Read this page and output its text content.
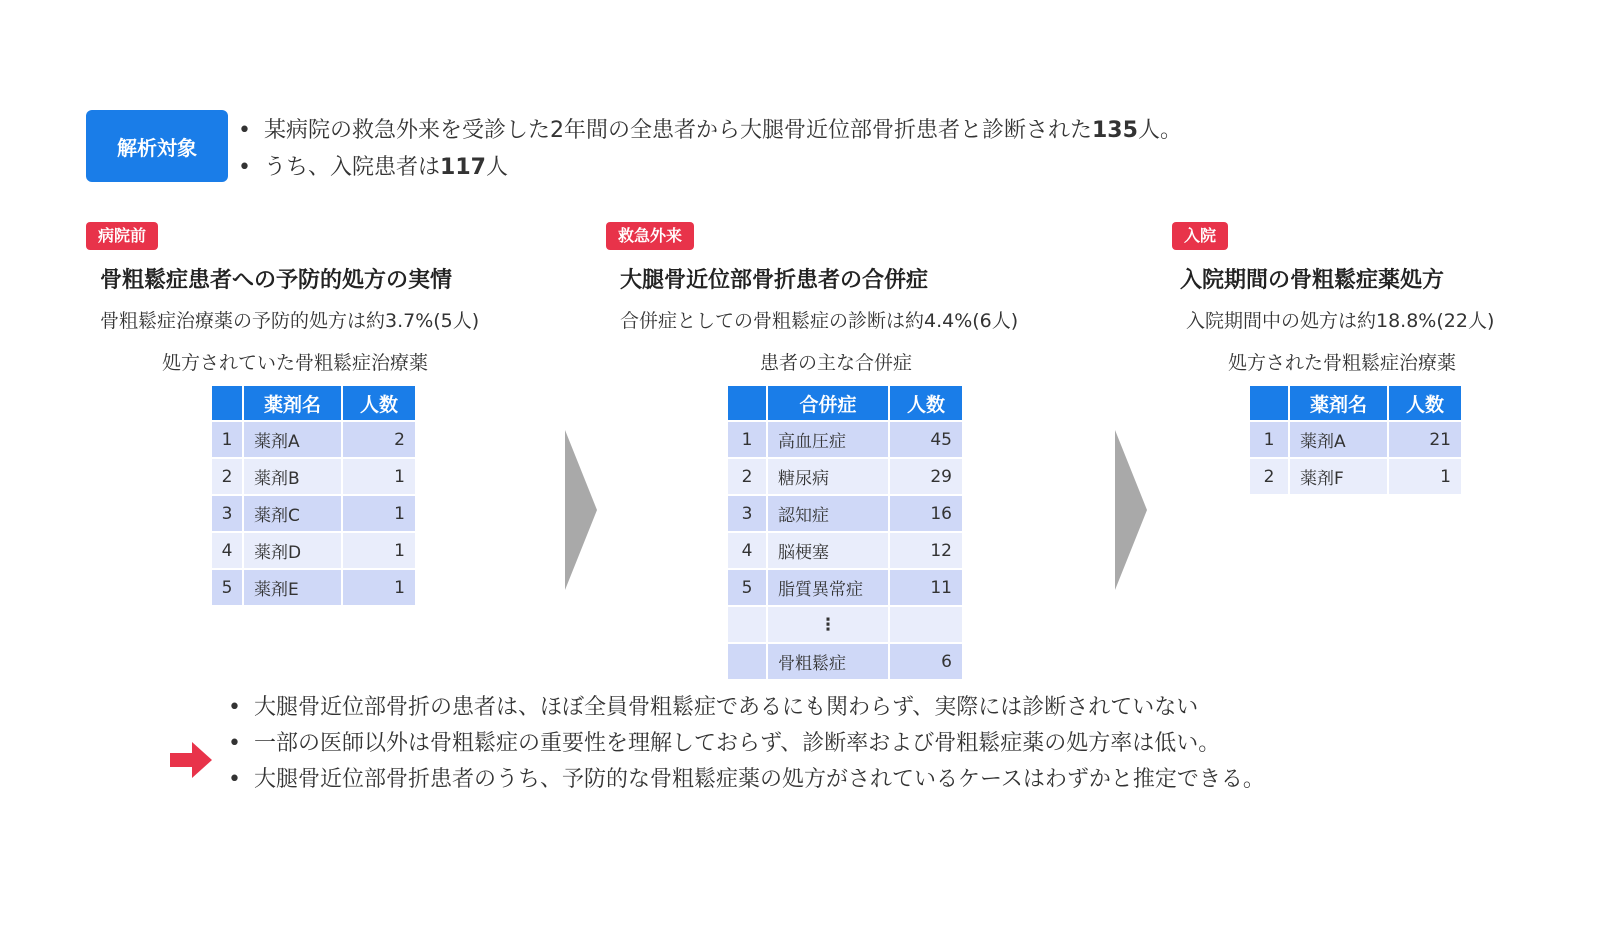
解析対象
• 某病院の救急外来を受診した2年間の全患者から大腿骨近位部骨折患者と診断された135人。
• うち、入院患者は117人
病院前
骨粗鬆症患者への予防的処方の実情
骨粗鬆症治療薬の予防的処方は約3.7%(5人)
処方されていた骨粗鬆症治療薬
	薬剤名	人数
1	薬剤A	2
2	薬剤B	1
3	薬剤C	1
4	薬剤D	1
5	薬剤E	1
救急外来
大腿骨近位部骨折患者の合併症
合併症としての骨粗鬆症の診断は約4.4%(6人)
患者の主な合併症
	合併症	人数
1	高血圧症	45
2	糖尿病	29
3	認知症	16
4	脳梗塞	12
5	脂質異常症	11
	⋮	
	骨粗鬆症	6
入院
入院期間の骨粗鬆症薬処方
入院期間中の処方は約18.8%(22人)
処方された骨粗鬆症治療薬
	薬剤名	人数
1	薬剤A	21
2	薬剤F	1
• 大腿骨近位部骨折の患者は、ほぼ全員骨粗鬆症であるにも関わらず、実際には診断されていない
• 一部の医師以外は骨粗鬆症の重要性を理解しておらず、診断率および骨粗鬆症薬の処方率は低い。
• 大腿骨近位部骨折患者のうち、予防的な骨粗鬆症薬の処方がされているケースはわずかと推定できる。
